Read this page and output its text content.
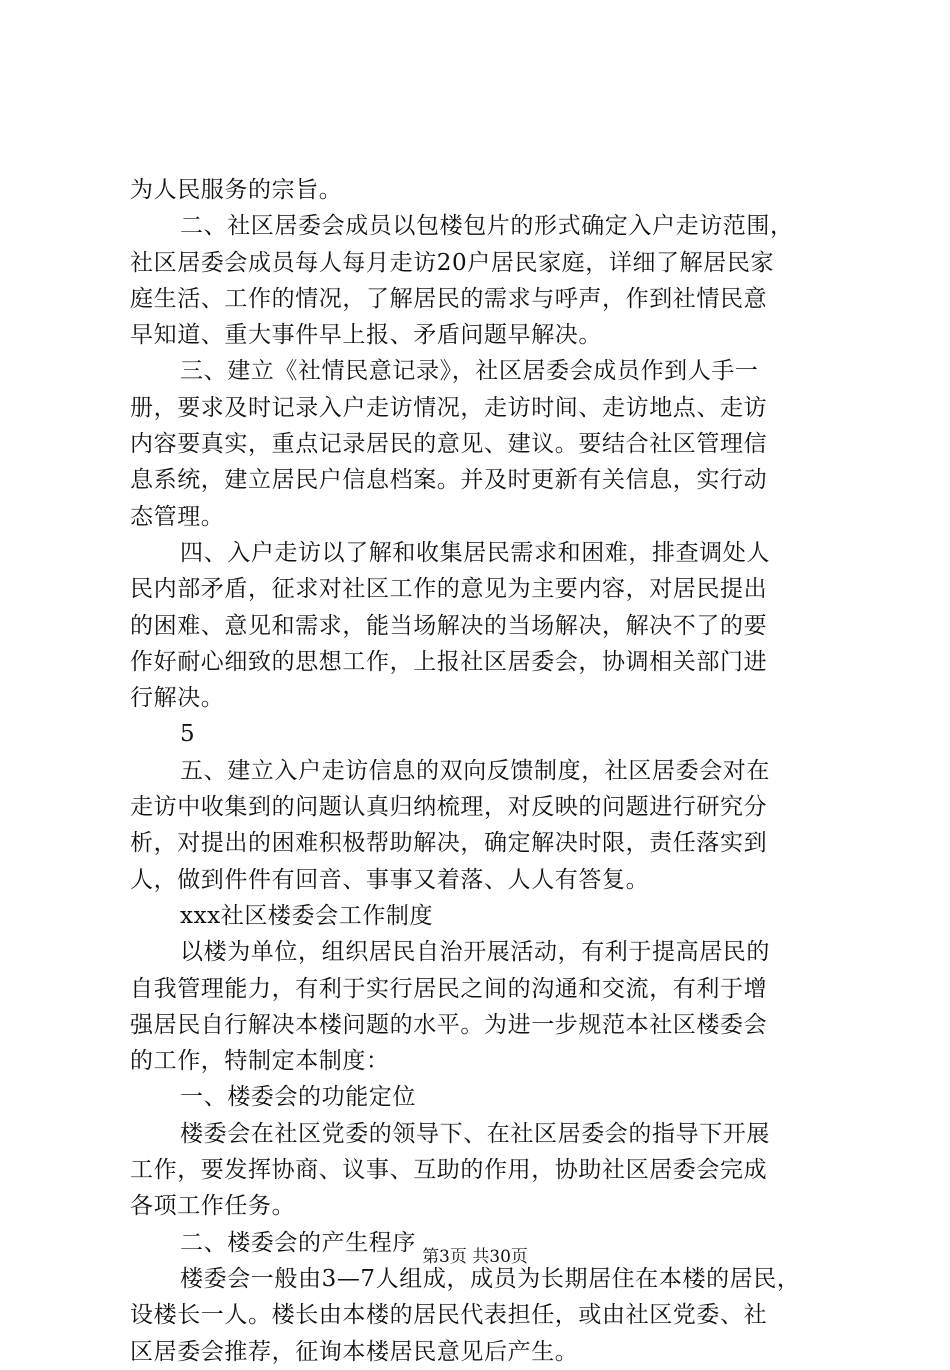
为人民服务的宗旨。
二、社区居委会成员以包楼包片的形式确定入户走访范围，
社区居委会成员每人每月走访20户居民家庭，详细了解居民家
庭生活、工作的情况，了解居民的需求与呼声，作到社情民意
早知道、重大事件早上报、矛盾问题早解决。
三、建立《社情民意记录》，社区居委会成员作到人手一
册，要求及时记录入户走访情况，走访时间、走访地点、走访
内容要真实，重点记录居民的意见、建议。要结合社区管理信
息系统，建立居民户信息档案。并及时更新有关信息，实行动
态管理。
四、入户走访以了解和收集居民需求和困难，排查调处人
民内部矛盾，征求对社区工作的意见为主要内容，对居民提出
的困难、意见和需求，能当场解决的当场解决，解决不了的要
作好耐心细致的思想工作，上报社区居委会，协调相关部门进
行解决。
5
五、建立入户走访信息的双向反馈制度，社区居委会对在
走访中收集到的问题认真归纳梳理，对反映的问题进行研究分
析，对提出的困难积极帮助解决，确定解决时限，责任落实到
人，做到件件有回音、事事又着落、人人有答复。
xxx社区楼委会工作制度
以楼为单位，组织居民自治开展活动，有利于提高居民的
自我管理能力，有利于实行居民之间的沟通和交流，有利于增
强居民自行解决本楼问题的水平。为进一步规范本社区楼委会
的工作，特制定本制度：
一、楼委会的功能定位
楼委会在社区党委的领导下、在社区居委会的指导下开展
工作，要发挥协商、议事、互助的作用，协助社区居委会完成
各项工作任务。
二、楼委会的产生程序
楼委会一般由3—7人组成，成员为长期居住在本楼的居民，
设楼长一人。楼长由本楼的居民代表担任，或由社区党委、社
区居委会推荐，征询本楼居民意见后产生。
第3页 共30页
